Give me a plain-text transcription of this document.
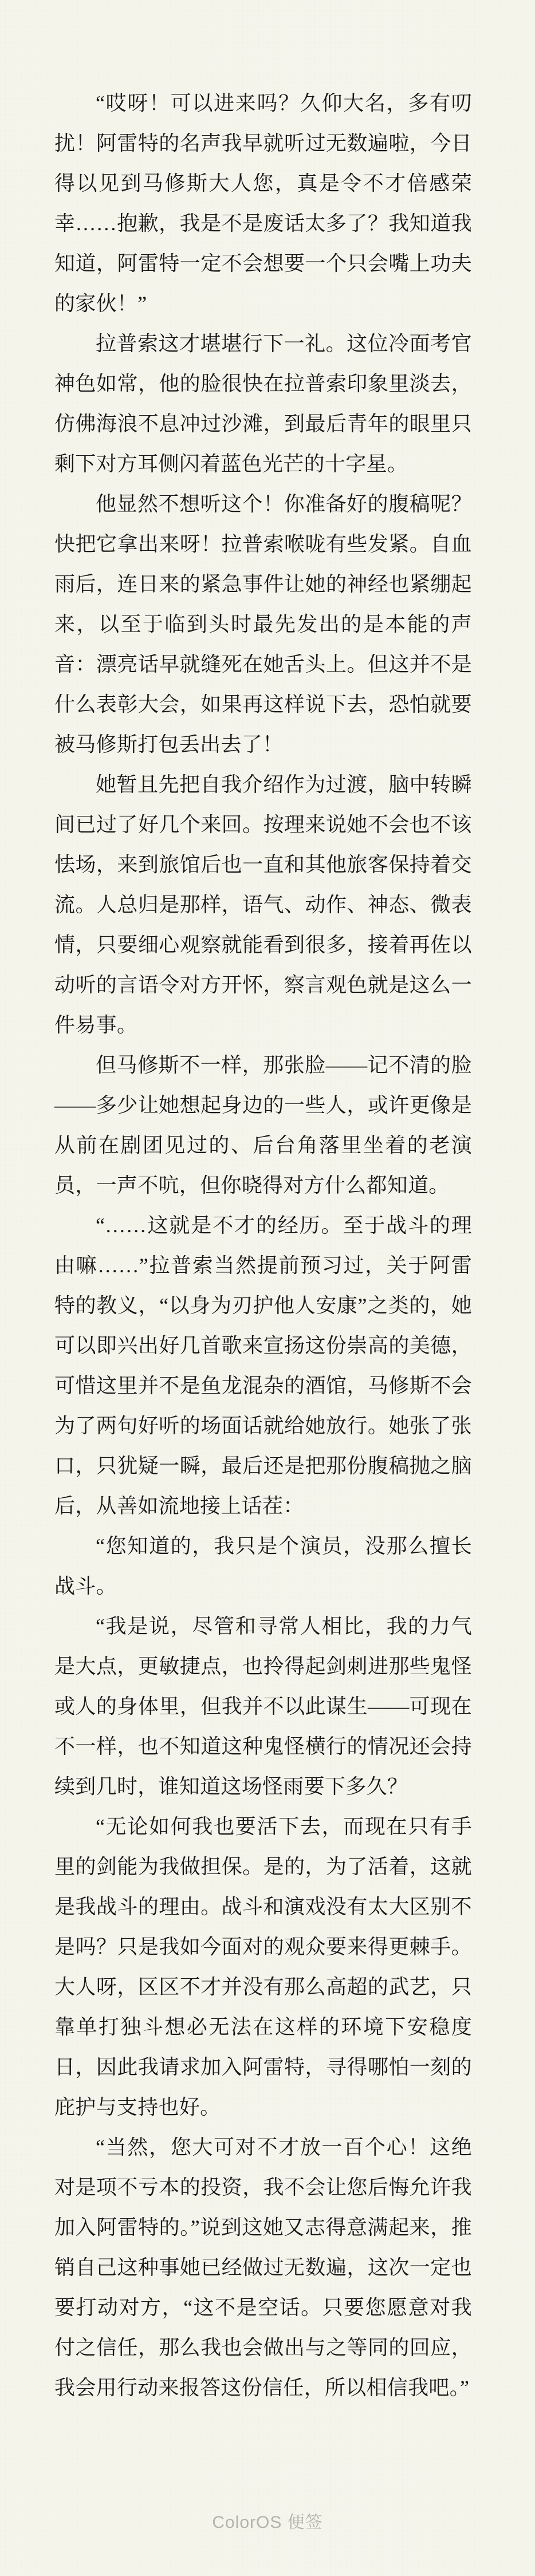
“哎呀！可以进来吗？久仰大名，多有叨扰！阿雷特的名声我早就听过无数遍啦，今日得以见到马修斯大人您，真是令不才倍感荣幸……抱歉，我是不是废话太多了？我知道我知道，阿雷特一定不会想要一个只会嘴上功夫的家伙！”

拉普索这才堪堪行下一礼。这位冷面考官神色如常，他的脸很快在拉普索印象里淡去，仿佛海浪不息冲过沙滩，到最后青年的眼里只剩下对方耳侧闪着蓝色光芒的十字星。

他显然不想听这个！你准备好的腹稿呢？快把它拿出来呀！拉普索喉咙有些发紧。自血雨后，连日来的紧急事件让她的神经也紧绷起来，以至于临到头时最先发出的是本能的声音：漂亮话早就缝死在她舌头上。但这并不是什么表彰大会，如果再这样说下去，恐怕就要被马修斯打包丢出去了！

她暂且先把自我介绍作为过渡，脑中转瞬间已过了好几个来回。按理来说她不会也不该怯场，来到旅馆后也一直和其他旅客保持着交流。人总归是那样，语气、动作、神态、微表情，只要细心观察就能看到很多，接着再佐以动听的言语令对方开怀，察言观色就是这么一件易事。

但马修斯不一样，那张脸——记不清的脸——多少让她想起身边的一些人，或许更像是从前在剧团见过的、后台角落里坐着的老演员，一声不吭，但你晓得对方什么都知道。

“……这就是不才的经历。至于战斗的理由嘛……”拉普索当然提前预习过，关于阿雷特的教义，“以身为刃护他人安康”之类的，她可以即兴出好几首歌来宣扬这份崇高的美德，可惜这里并不是鱼龙混杂的酒馆，马修斯不会为了两句好听的场面话就给她放行。她张了张口，只犹疑一瞬，最后还是把那份腹稿抛之脑后，从善如流地接上话茬：

“您知道的，我只是个演员，没那么擅长战斗。

“我是说，尽管和寻常人相比，我的力气是大点，更敏捷点，也拎得起剑刺进那些鬼怪或人的身体里，但我并不以此谋生——可现在不一样，也不知道这种鬼怪横行的情况还会持续到几时，谁知道这场怪雨要下多久？

“无论如何我也要活下去，而现在只有手里的剑能为我做担保。是的，为了活着，这就是我战斗的理由。战斗和演戏没有太大区别不是吗？只是我如今面对的观众要来得更棘手。大人呀，区区不才并没有那么高超的武艺，只靠单打独斗想必无法在这样的环境下安稳度日，因此我请求加入阿雷特，寻得哪怕一刻的庇护与支持也好。

“当然，您大可对不才放一百个心！这绝对是项不亏本的投资，我不会让您后悔允许我加入阿雷特的。”说到这她又志得意满起来，推销自己这种事她已经做过无数遍，这次一定也要打动对方，“这不是空话。只要您愿意对我付之信任，那么我也会做出与之等同的回应，我会用行动来报答这份信任，所以相信我吧。”

ColorOS 便签
